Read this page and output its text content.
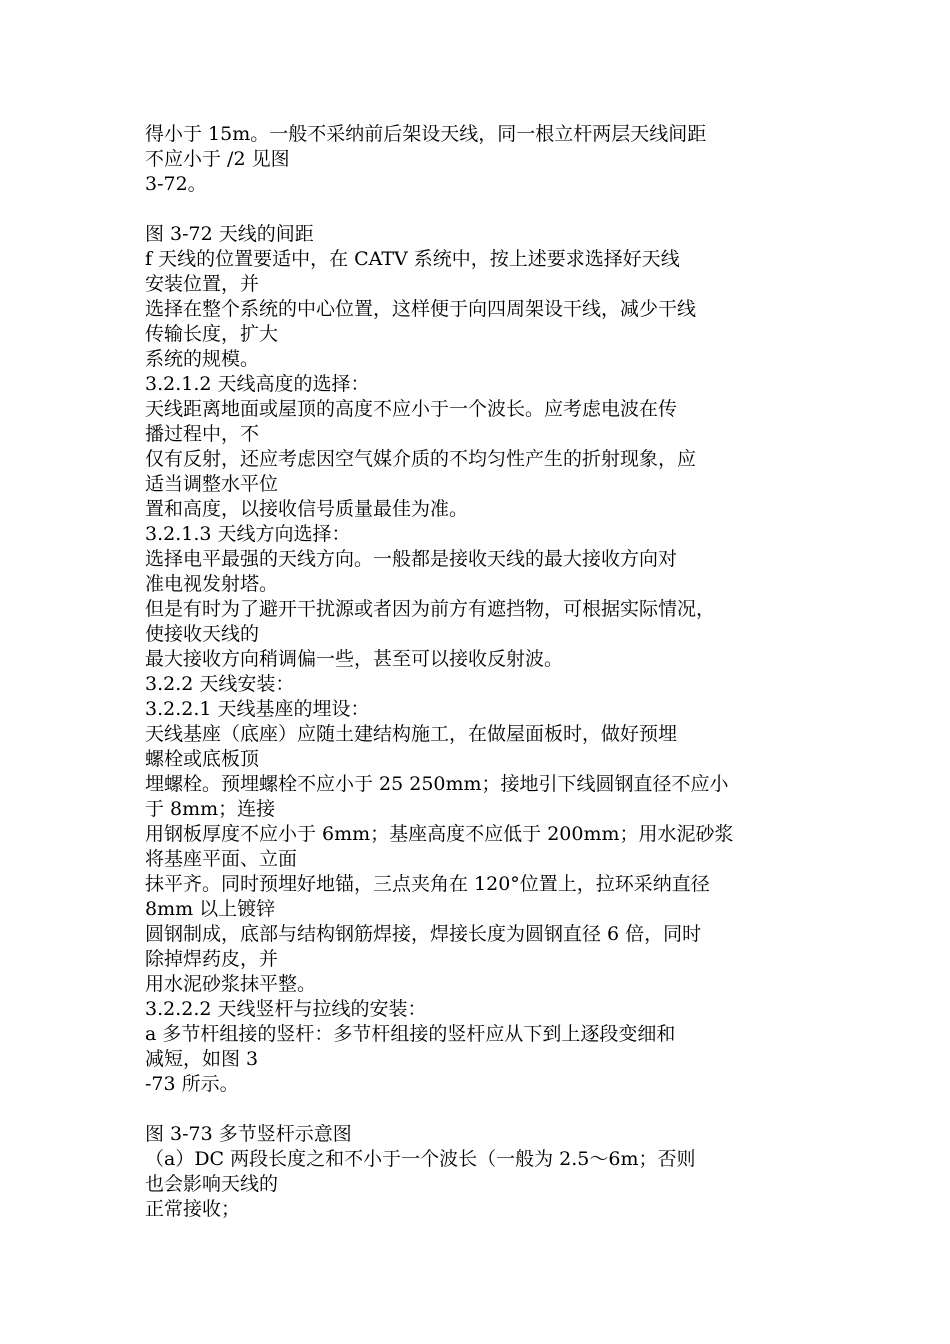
得小于 15m。一般不采纳前后架设天线，同一根立杆两层天线间距
不应小于 /2 见图
3-72。
图 3-72 天线的间距
f 天线的位置要适中，在 CATV 系统中，按上述要求选择好天线
安装位置，并
选择在整个系统的中心位置，这样便于向四周架设干线，减少干线
传输长度，扩大
系统的规模。
3.2.1.2 天线高度的选择：
天线距离地面或屋顶的高度不应小于一个波长。应考虑电波在传
播过程中，不
仅有反射，还应考虑因空气媒介质的不均匀性产生的折射现象，应
适当调整水平位
置和高度，以接收信号质量最佳为准。
3.2.1.3 天线方向选择：
选择电平最强的天线方向。一般都是接收天线的最大接收方向对
准电视发射塔。
但是有时为了避开干扰源或者因为前方有遮挡物，可根据实际情况，
使接收天线的
最大接收方向稍调偏一些，甚至可以接收反射波。
3.2.2 天线安装：
3.2.2.1 天线基座的埋设：
天线基座（底座）应随土建结构施工，在做屋面板时，做好预埋
螺栓或底板顶
埋螺栓。预埋螺栓不应小于 25 250mm；接地引下线圆钢直径不应小
于 8mm；连接
用钢板厚度不应小于 6mm；基座高度不应低于 200mm；用水泥砂浆
将基座平面、立面
抹平齐。同时预埋好地锚，三点夹角在 120°位置上，拉环采纳直径
8mm 以上镀锌
圆钢制成，底部与结构钢筋焊接，焊接长度为圆钢直径 6 倍，同时
除掉焊药皮，并
用水泥砂浆抹平整。
3.2.2.2 天线竖杆与拉线的安装：
a 多节杆组接的竖杆：多节杆组接的竖杆应从下到上逐段变细和
减短，如图 3
-73 所示。
图 3-73 多节竖杆示意图
（a）DC 两段长度之和不小于一个波长（一般为 2.5～6m；否则
也会影响天线的
正常接收；
